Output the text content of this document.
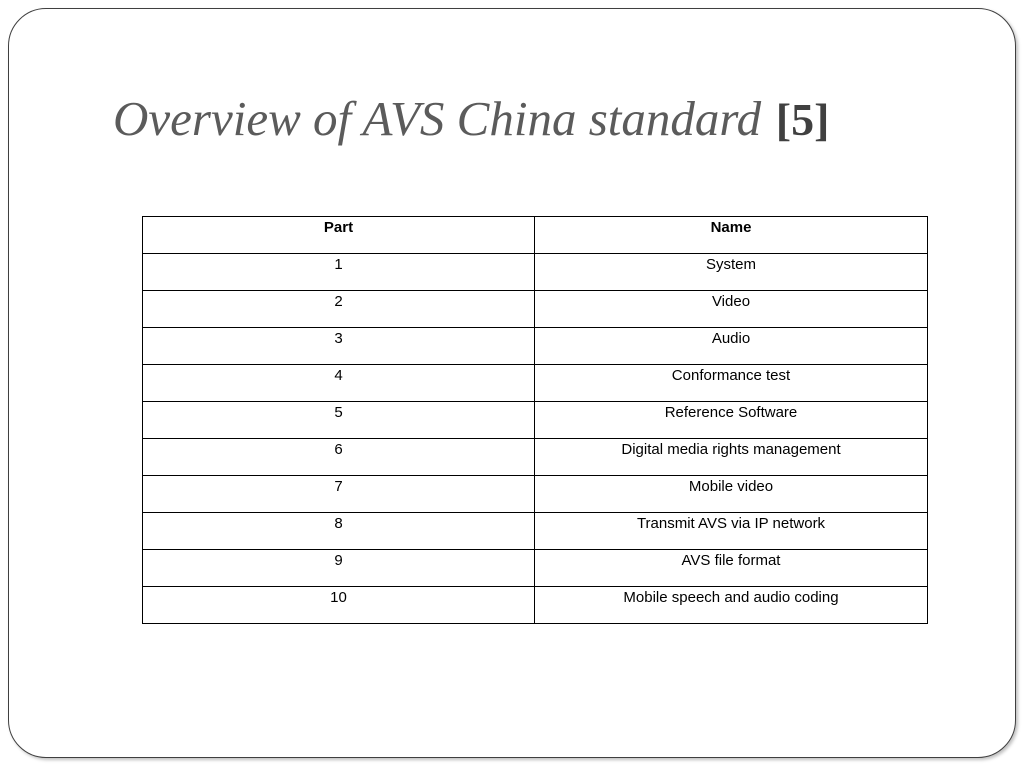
Overview of AVS China standard [5]
Part	Name

1	System

2	Video

3	Audio

4	Conformance test

5	Reference Software

6	Digital media rights management

7	Mobile video

8	Transmit AVS via IP network

9	AVS file format

10	Mobile speech and audio coding
